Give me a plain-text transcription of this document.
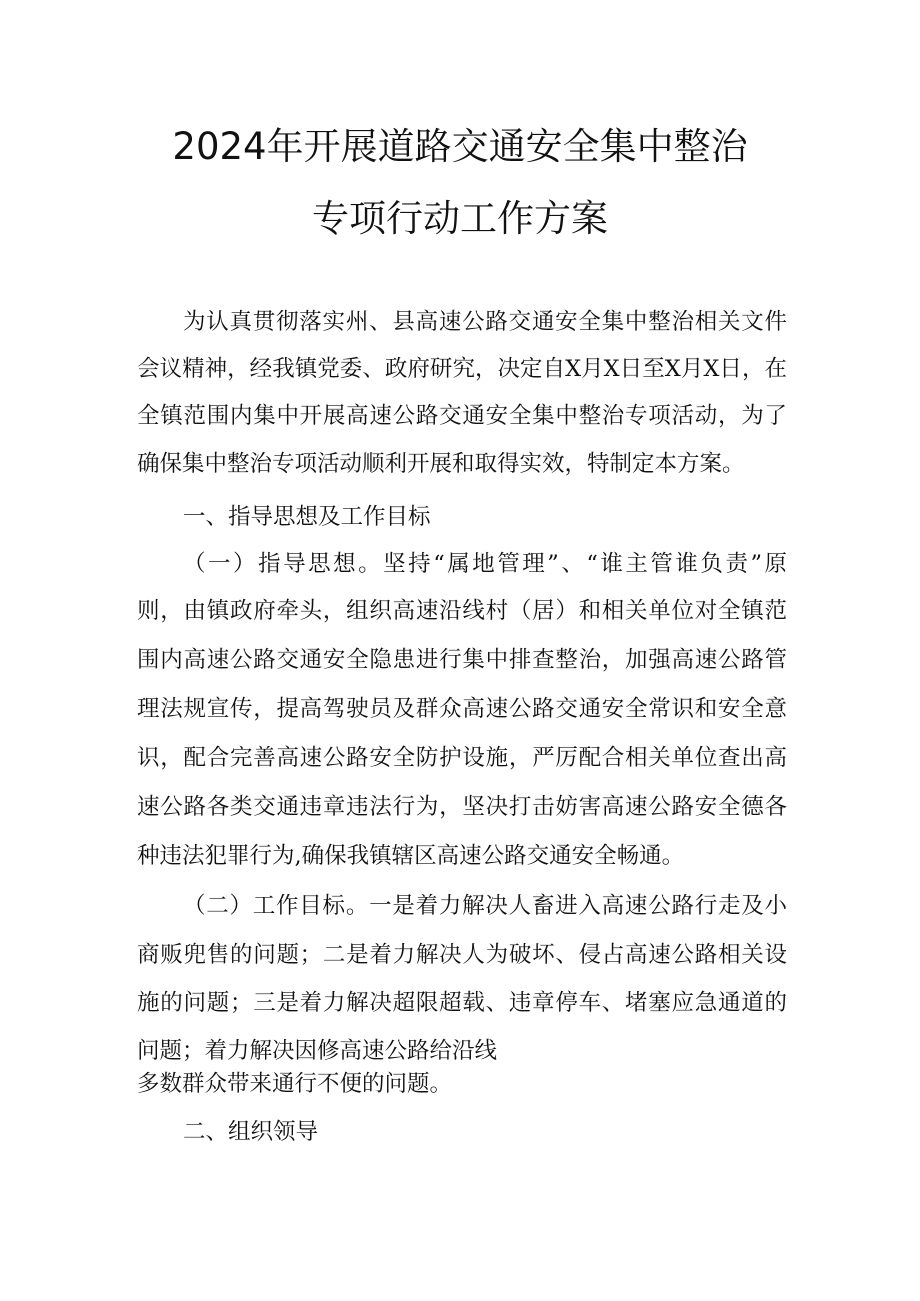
2024年开展道路交通安全集中整治
专项行动工作方案
为认真贯彻落实州、县高速公路交通安全集中整治相关文件
会议精神，经我镇党委、政府研究，决定自X月X日至X月X日，在
全镇范围内集中开展高速公路交通安全集中整治专项活动，为了
确保集中整治专项活动顺利开展和取得实效，特制定本方案。
一、指导思想及工作目标
（一）指导思想。坚持“属地管理”、“谁主管谁负责”原
则，由镇政府牵头，组织高速沿线村（居）和相关单位对全镇范
围内高速公路交通安全隐患进行集中排查整治，加强高速公路管
理法规宣传，提高驾驶员及群众高速公路交通安全常识和安全意
识，配合完善高速公路安全防护设施，严厉配合相关单位查出高
速公路各类交通违章违法行为，坚决打击妨害高速公路安全德各
种违法犯罪行为,确保我镇辖区高速公路交通安全畅通。
（二）工作目标。一是着力解决人畜进入高速公路行走及小
商贩兜售的问题；二是着力解决人为破坏、侵占高速公路相关设
施的问题；三是着力解决超限超载、违章停车、堵塞应急通道的
问题；着力解决因修高速公路给沿线
多数群众带来通行不便的问题。
二、组织领导
